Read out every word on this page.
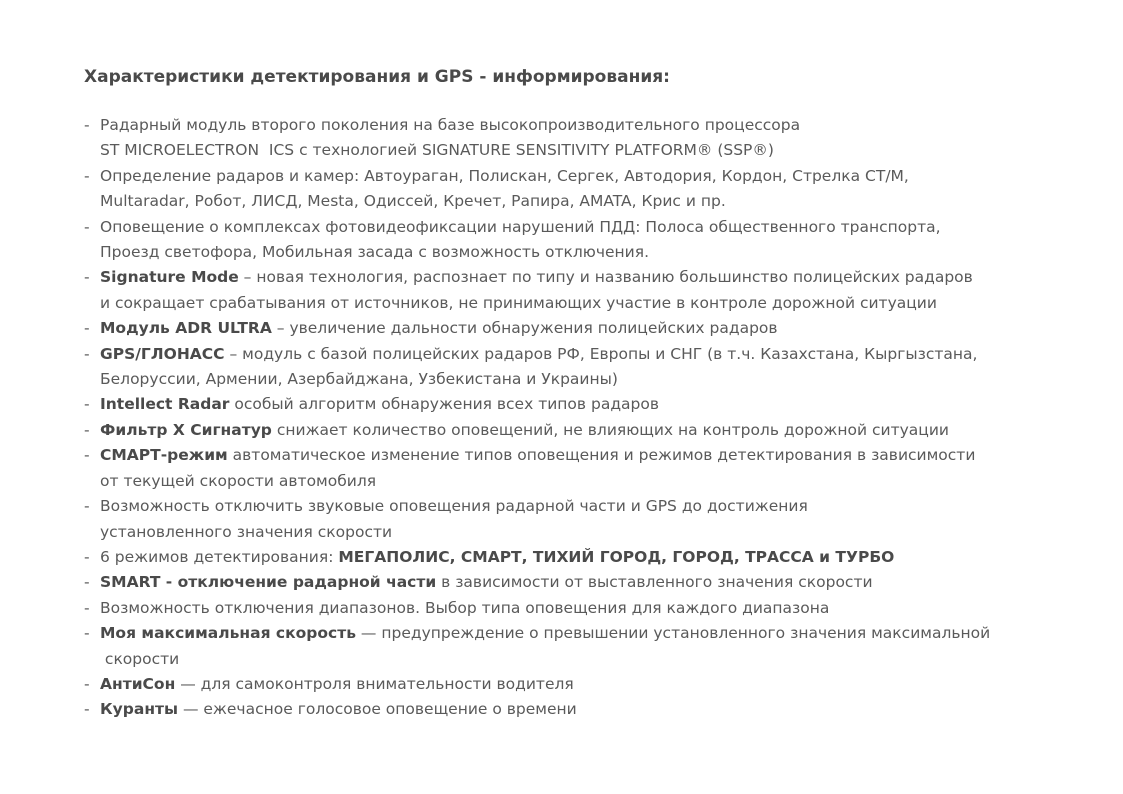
Характеристики детектирования и GPS - информирования:
- Радарный модуль второго поколения на базе высокопроизводительного процессора
ST MICROELECTRON  ICS с технологией SIGNATURE SENSITIVITY PLATFORM® (SSP®)
- Определение радаров и камер: Автоураган, Полискан, Сергек, Автодория, Кордон, Стрелка СТ/М,
Multaradar, Робот, ЛИСД, Mesta, Одиссей, Кречет, Рапира, AMATA, Крис и пр.
- Оповещение о комплексах фотовидеофиксации нарушений ПДД: Полоса общественного транспорта,
Проезд светофора, Мобильная засада с возможность отключения.
- Signature Mode – новая технология, распознает по типу и названию большинство полицейских радаров
и сокращает срабатывания от источников, не принимающих участие в контроле дорожной ситуации
- Модуль ADR ULTRA – увеличение дальности обнаружения полицейских радаров
- GPS/ГЛОНАСС – модуль с базой полицейских радаров РФ, Европы и СНГ (в т.ч. Казахстана, Кыргызстана,
Белоруссии, Армении, Азербайджана, Узбекистана и Украины)
- Intellect Radar особый алгоритм обнаружения всех типов радаров
- Фильтр X Сигнатур снижает количество оповещений, не влияющих на контроль дорожной ситуации
- СМАРТ-режим автоматическое изменение типов оповещения и режимов детектирования в зависимости
от текущей скорости автомобиля
- Возможность отключить звуковые оповещения радарной части и GPS до достижения
установленного значения скорости
- 6 режимов детектирования: МЕГАПОЛИС, СМАРТ, ТИХИЙ ГОРОД, ГОРОД, ТРАССА и ТУРБО
- SMART - отключение радарной части в зависимости от выставленного значения скорости
- Возможность отключения диапазонов. Выбор типа оповещения для каждого диапазона
- Моя максимальная скорость — предупреждение о превышении установленного значения максимальной
скорости
- АнтиСон — для самоконтроля внимательности водителя
- Куранты — ежечасное голосовое оповещение о времени
